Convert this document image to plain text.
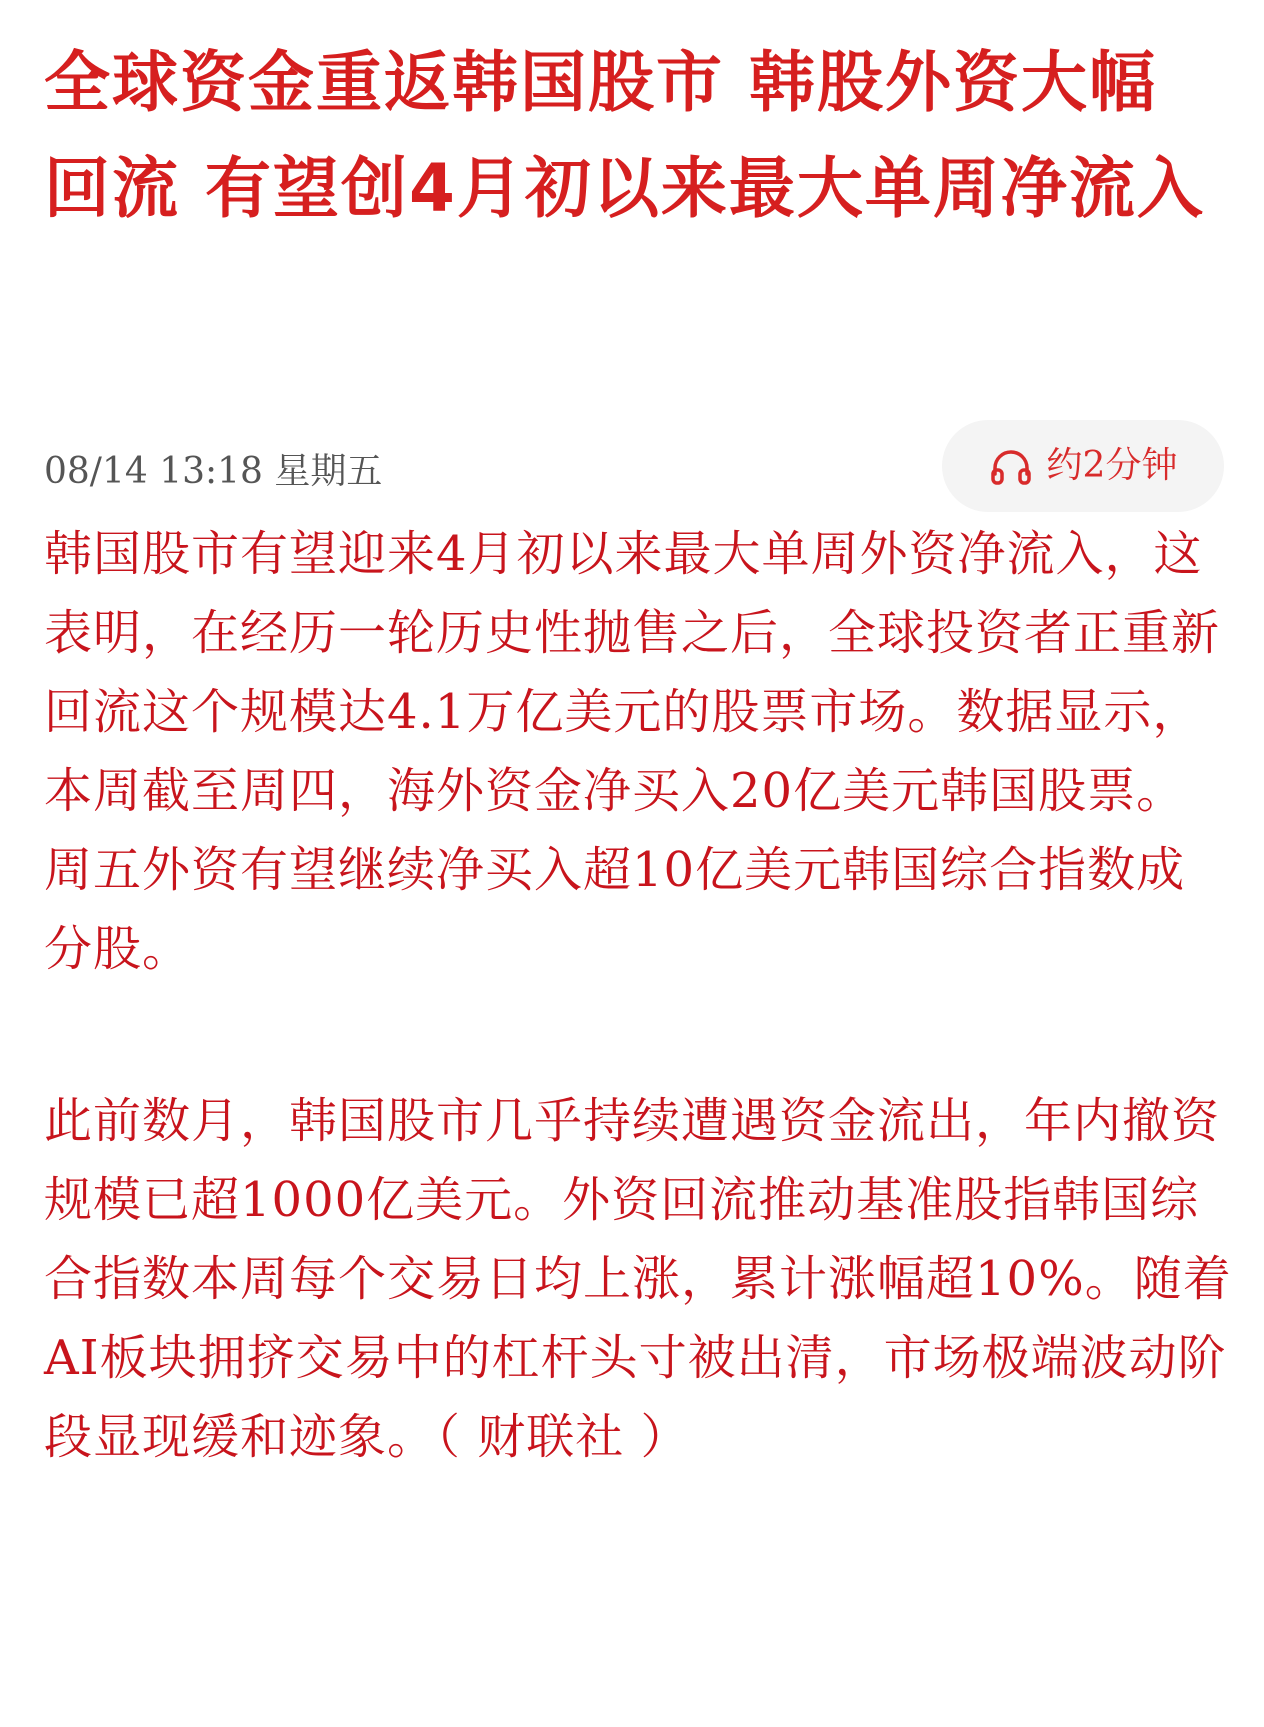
全球资金重返韩国股市 韩股外资大幅回流 有望创4月初以来最大单周净流入
08/14 13:18 星期五	约2分钟

韩国股市有望迎来4月初以来最大单周外资净流入，这表明，在经历一轮历史性抛售之后，全球投资者正重新回流这个规模达4.1万亿美元的股票市场。数据显示，本周截至周四，海外资金净买入20亿美元韩国股票。周五外资有望继续净买入超10亿美元韩国综合指数成分股。

此前数月，韩国股市几乎持续遭遇资金流出，年内撤资规模已超1000亿美元。外资回流推动基准股指韩国综合指数本周每个交易日均上涨，累计涨幅超10%。随着AI板块拥挤交易中的杠杆头寸被出清，市场极端波动阶段显现缓和迹象。（ 财联社 ）
